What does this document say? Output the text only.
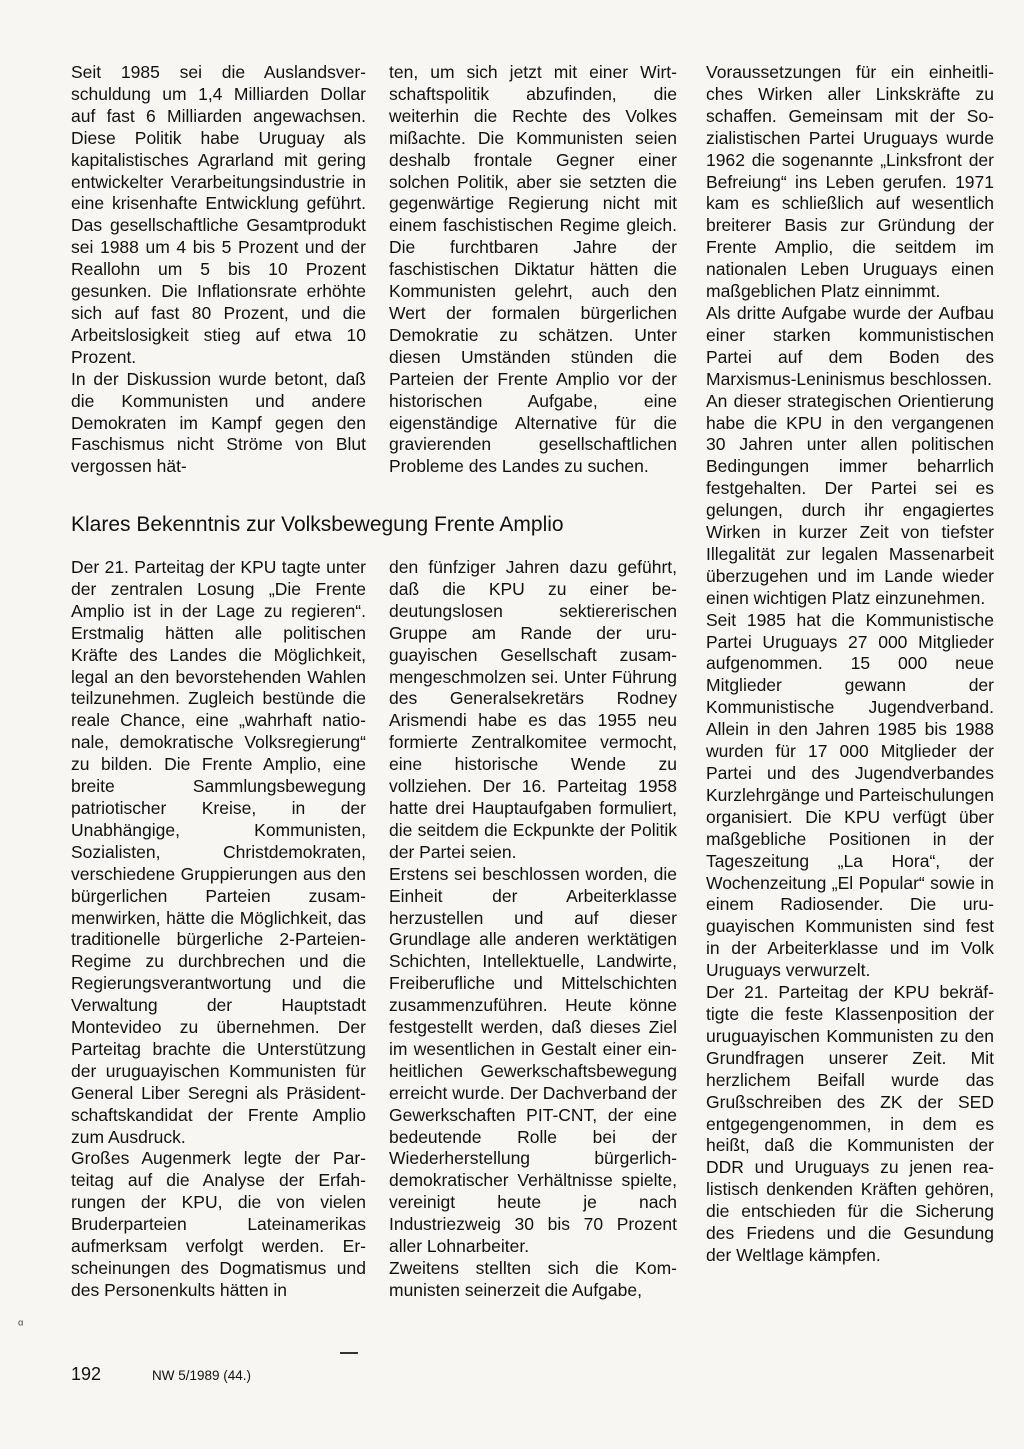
Seit 1985 sei die Auslandsverschuldung um 1,4 Milliarden Dollar auf fast 6 Milliarden angewachsen. Diese Politik habe Uruguay als kapitalistisches Agrarland mit gering entwickelter Verarbeitungsindustrie in eine krisenhafte Entwicklung geführt. Das gesellschaftliche Gesamtprodukt sei 1988 um 4 bis 5 Prozent und der Reallohn um 5 bis 10 Prozent gesunken. Die Inflationsrate erhöhte sich auf fast 80 Prozent, und die Arbeitslosigkeit stieg auf etwa 10 Prozent.

In der Diskussion wurde betont, daß die Kommunisten und andere Demokraten im Kampf gegen den Faschismus nicht Ströme von Blut vergossen hät-

ten, um sich jetzt mit einer Wirtschaftspolitik abzufinden, die weiterhin die Rechte des Volkes mißachte. Die Kommunisten seien deshalb frontale Gegner einer solchen Politik, aber sie setzten die gegenwärtige Regierung nicht mit einem faschistischen Regime gleich. Die furchtbaren Jahre der faschistischen Diktatur hätten die Kommunisten gelehrt, auch den Wert der formalen bürgerlichen Demokratie zu schätzen. Unter diesen Umständen stünden die Parteien der Frente Amplio vor der historischen Aufgabe, eine eigenständige Alternative für die gravierenden gesellschaftlichen Probleme des Landes zu suchen.

Klares Bekenntnis zur Volksbewegung Frente Amplio

Voraussetzungen für ein einheitliches Wirken aller Linkskräfte zu schaffen. Gemeinsam mit der Sozialistischen Partei Uruguays wurde 1962 die sogenannte „Linksfront der Befreiung“ ins Leben gerufen. 1971 kam es schließlich auf wesentlich breiterer Basis zur Gründung der Frente Amplio, die seitdem im nationalen Leben Uruguays einen maßgeblichen Platz einnimmt.

Als dritte Aufgabe wurde der Aufbau einer starken kommunistischen Partei auf dem Boden des Marxismus-Leninismus beschlossen.

An dieser strategischen Orientierung habe die KPU in den vergangenen 30 Jahren unter allen politischen Bedingungen immer beharrlich festgehalten. Der Partei sei es gelungen, durch ihr engagiertes Wirken in kurzer Zeit von tiefster Illegalität zur legalen Massenarbeit überzugehen und im Lande wieder einen wichtigen Platz einzunehmen.

Seit 1985 hat die Kommunistische Partei Uruguays 27 000 Mitglieder aufgenommen. 15 000 neue Mitglieder gewann der Kommunistische Jugendverband. Allein in den Jahren 1985 bis 1988 wurden für 17 000 Mitglieder der Partei und des Jugendverbandes Kurzlehrgänge und Parteischulungen organisiert. Die KPU verfügt über maßgebliche Positionen in der Tageszeitung „La Hora“, der Wochenzeitung „El Popular“ sowie in einem Radiosender. Die uruguayischen Kommunisten sind fest in der Arbeiterklasse und im Volk Uruguays verwurzelt.

Der 21. Parteitag der KPU bekräftigte die feste Klassenposition der uruguayischen Kommunisten zu den Grundfragen unserer Zeit. Mit herzlichem Beifall wurde das Grußschreiben des ZK der SED entgegengenommen, in dem es heißt, daß die Kommunisten der DDR und Uruguays zu jenen realistisch denkenden Kräften gehören, die entschieden für die Sicherung des Friedens und die Gesundung der Weltlage kämpfen.

Der 21. Parteitag der KPU tagte unter der zentralen Losung „Die Frente Amplio ist in der Lage zu regieren“. Erstmalig hätten alle politischen Kräfte des Landes die Möglichkeit, legal an den bevorstehenden Wahlen teilzunehmen. Zugleich bestünde die reale Chance, eine „wahrhaft nationale, demokratische Volksregierung“ zu bilden. Die Frente Amplio, eine breite Sammlungsbewegung patriotischer Kreise, in der Unabhängige, Kommunisten, Sozialisten, Christdemokraten, verschiedene Gruppierungen aus den bürgerlichen Parteien zusammenwirken, hätte die Möglichkeit, das traditionelle bürgerliche 2-Parteien-Regime zu durchbrechen und die Regierungsverantwortung und die Verwaltung der Hauptstadt Montevideo zu übernehmen. Der Parteitag brachte die Unterstützung der uruguayischen Kommunisten für General Liber Seregni als Präsidentschaftskandidat der Frente Amplio zum Ausdruck.

Großes Augenmerk legte der Parteitag auf die Analyse der Erfahrungen der KPU, die von vielen Bruderparteien Lateinamerikas aufmerksam verfolgt werden. Erscheinungen des Dogmatismus und des Personenkults hätten in

den fünfziger Jahren dazu geführt, daß die KPU zu einer bedeutungslosen sektiererischen Gruppe am Rande der uruguayischen Gesellschaft zusammengeschmolzen sei. Unter Führung des Generalsekretärs Rodney Arismendi habe es das 1955 neu formierte Zentralkomitee vermocht, eine historische Wende zu vollziehen. Der 16. Parteitag 1958 hatte drei Hauptaufgaben formuliert, die seitdem die Eckpunkte der Politik der Partei seien.

Erstens sei beschlossen worden, die Einheit der Arbeiterklasse herzustellen und auf dieser Grundlage alle anderen werktätigen Schichten, Intellektuelle, Landwirte, Freiberufliche und Mittelschichten zusammenzuführen. Heute könne festgestellt werden, daß dieses Ziel im wesentlichen in Gestalt einer einheitlichen Gewerkschaftsbewegung erreicht wurde. Der Dachverband der Gewerkschaften PIT-CNT, der eine bedeutende Rolle bei der Wiederherstellung bürgerlich-demokratischer Verhältnisse spielte, vereinigt heute je nach Industriezweig 30 bis 70 Prozent aller Lohnarbeiter.

Zweitens stellten sich die Kommunisten seinerzeit die Aufgabe,

192	NW 5/1989 (44.)
ᵅ
